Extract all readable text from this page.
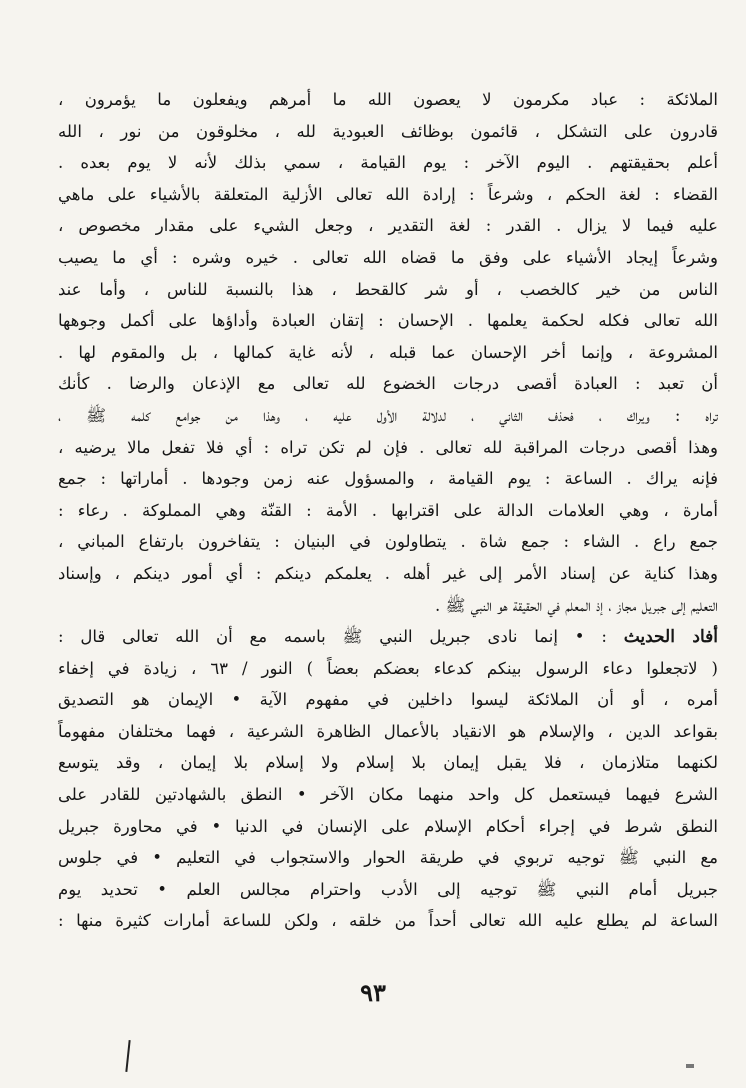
الملائكة : عباد مكرمون لا يعصون الله ما أمرهم ويفعلون ما يؤمرون ،
قادرون على التشكل ، قائمون بوظائف العبودية لله ، مخلوقون من نور ، الله
أعلم بحقيقتهم . اليوم الآخر : يوم القيامة ، سمي بذلك لأنه لا يوم بعده .
القضاء : لغة الحكم ، وشرعاً : إرادة الله تعالى الأزلية المتعلقة بالأشياء على ماهي
عليه فيما لا يزال . القدر : لغة التقدير ، وجعل الشيء على مقدار مخصوص ،
وشرعاً إيجاد الأشياء على وفق ما قضاه الله تعالى . خيره وشره : أي ما يصيب
الناس من خير كالخصب ، أو شر كالقحط ، هذا بالنسبة للناس ، وأما عند
الله تعالى فكله لحكمة يعلمها . الإحسان : إتقان العبادة وأداؤها على أكمل وجوهها
المشروعة ، وإنما أخر الإحسان عما قبله ، لأنه غاية كمالها ، بل والمقوم لها .
أن تعبد : العبادة أقصى درجات الخضوع لله تعالى مع الإذعان والرضا . كأنك
تراه : ويراك ، فحذف الثاني ، لدلالة الأول عليه ، وهذا من جوامع كلمه ﷺ ،
وهذا أقصى درجات المراقبة لله تعالى . فإن لم تكن تراه : أي فلا تفعل مالا يرضيه ،
فإنه يراك . الساعة : يوم القيامة ، والمسؤول عنه زمن وجودها . أماراتها : جمع
أمارة ، وهي العلامات الدالة على اقترابها . الأمة : القنّة وهي المملوكة . رعاء :
جمع راع . الشاء : جمع شاة . يتطاولون في البنيان : يتفاخرون بارتفاع المباني ،
وهذا كناية عن إسناد الأمر إلى غير أهله . يعلمكم دينكم : أي أمور دينكم ، وإسناد
التعليم إلى جبريل مجاز ، إذ المعلم في الحقيقة هو النبي ﷺ .
أفاد الحديث : • إنما نادى جبريل النبي ﷺ باسمه مع أن الله تعالى قال :
( لاتجعلوا دعاء الرسول بينكم كدعاء بعضكم بعضاً ) النور / ٦٣ ، زيادة في إخفاء
أمره ، أو أن الملائكة ليسوا داخلين في مفهوم الآية • الإيمان هو التصديق
بقواعد الدين ، والإسلام هو الانقياد بالأعمال الظاهرة الشرعية ، فهما مختلفان مفهوماً
لكنهما متلازمان ، فلا يقبل إيمان بلا إسلام ولا إسلام بلا إيمان ، وقد يتوسع
الشرع فيهما فيستعمل كل واحد منهما مكان الآخر • النطق بالشهادتين للقادر على
النطق شرط في إجراء أحكام الإسلام على الإنسان في الدنيا • في محاورة جبريل
مع النبي ﷺ توجيه تربوي في طريقة الحوار والاستجواب في التعليم • في جلوس
جبريل أمام النبي ﷺ توجيه إلى الأدب واحترام مجالس العلم • تحديد يوم
الساعة لم يطلع عليه الله تعالى أحداً من خلقه ، ولكن للساعة أمارات كثيرة منها :
٩٣
